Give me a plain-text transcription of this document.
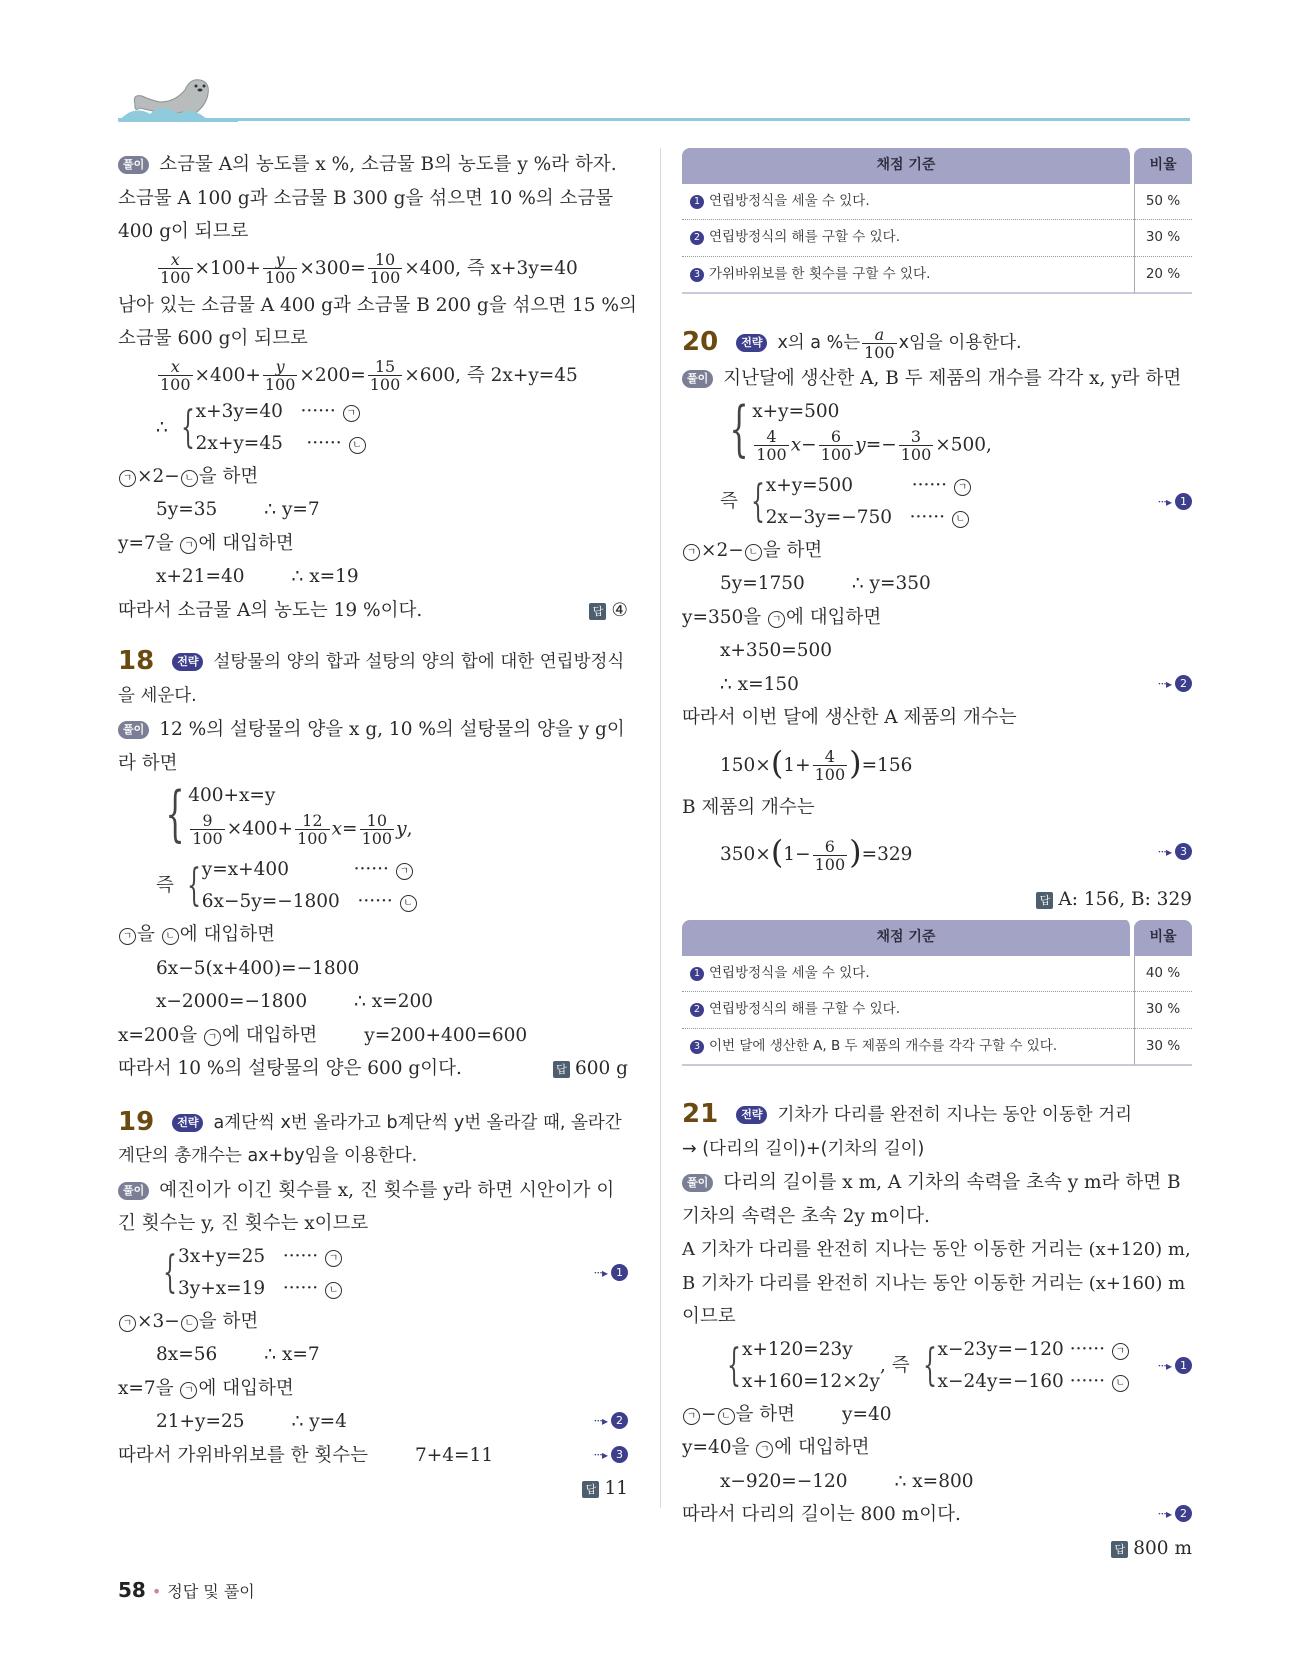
풀이 소금물 A의 농도를 x %, 소금물 B의 농도를 y %라 하자.
소금물 A 100 g과 소금물 B 300 g을 섞으면 10 %의 소금물
400 g이 되므로
$\frac{x}{100} \times 100+ \frac{y}{100} \times 300= \frac{10}{100} \times 400$, 즉 x+3y=40
남아 있는 소금물 A 400 g과 소금물 B 200 g을 섞으면 15 %의
소금물 600 g이 되므로
$\frac{x}{100} \times 400+ \frac{y}{100} \times 200= \frac{15}{100} \times 600$, 즉 2x+y=45
∴ { x+3y=40 ······ ㄱ
2x+y=45 ······ ㄴ
ㄱ ×2− ㄴ 을 하면
5y=35        ∴ y=7
y=7을 ㄱ 에 대입하면
x+21=40        ∴ x=19
따라서 소금물 A의 농도는 19 %이다.	답 ④
18 전략 설탕물의 양의 합과 설탕의 양의 합에 대한 연립방정식
을 세운다.
풀이 12 %의 설탕물의 양을 x g, 10 %의 설탕물의 양을 y g이
라 하면
{ 400+x=y
$\frac{9}{100} \times 400+ \frac{12}{100} x= \frac{10}{100} y$,
즉 { y=x+400	······ ㄱ
6x−5y=−1800 ······ ㄴ
ㄱ 을 ㄴ 에 대입하면
6x−5(x+400)=−1800
x−2000=−1800        ∴ x=200
x=200을 ㄱ 에 대입하면        y=200+400=600
따라서 10 %의 설탕물의 양은 600 g이다.	답 600 g
19 전략 a계단씩 x번 올라가고 b계단씩 y번 올라갈 때, 올라간
계단의 총개수는 ax+by임을 이용한다.
풀이 예진이가 이긴 횟수를 x, 진 횟수를 y라 하면 시안이가 이
긴 횟수는 y, 진 횟수는 x이므로
{ 3x+y=25 ······ ㄱ
3y+x=19 ······ ㄴ
···▸ 1
ㄱ ×3− ㄴ 을 하면
8x=56        ∴ x=7
x=7을 ㄱ 에 대입하면
21+y=25        ∴ y=4	···▸ 2
따라서 가위바위보를 한 횟수는        7+4=11	···▸ 3
답 11
채점 기준	비율
1 연립방정식을 세울 수 있다.	50 %
2 연립방정식의 해를 구할 수 있다.	30 %
3 가위바위보를 한 횟수를 구할 수 있다.	20 %
20 전략 x의 a %는 $\frac{a}{100}$ x임을 이용한다.
풀이 지난달에 생산한 A, B 두 제품의 개수를 각각 x, y라 하면
{ x+y=500
$\frac{4}{100} x- \frac{6}{100} y=- \frac{3}{100} \times 500$,
즉 { x+y=500	······ ㄱ
2x−3y=−750 ······ ㄴ
···▸ 1
ㄱ ×2− ㄴ 을 하면
5y=1750        ∴ y=350
y=350을 ㄱ 에 대입하면
x+350=500
∴ x=150	···▸ 2
따라서 이번 달에 생산한 A 제품의 개수는
$150\times(1+ \frac{4}{100} )=156$
B 제품의 개수는
$350\times(1- \frac{6}{100} )=329$	···▸ 3
답 A: 156, B: 329
채점 기준	비율
1 연립방정식을 세울 수 있다.	40 %
2 연립방정식의 해를 구할 수 있다.	30 %
3 이번 달에 생산한 A, B 두 제품의 개수를 각각 구할 수 있다.	30 %
21 전략 기차가 다리를 완전히 지나는 동안 이동한 거리
→ (다리의 길이)+(기차의 길이)
풀이 다리의 길이를 x m, A 기차의 속력을 초속 y m라 하면 B
기차의 속력은 초속 2y m이다.
A 기차가 다리를 완전히 지나는 동안 이동한 거리는 (x+120) m,
B 기차가 다리를 완전히 지나는 동안 이동한 거리는 (x+160) m
이므로
{ x+120=23y
x+160=12×2y
, 즉 { x−23y=−120 ······ ㄱ
x−24y=−160 ······ ㄴ
···▸ 1
ㄱ − ㄴ 을 하면        y=40
y=40을 ㄱ 에 대입하면
x−920=−120        ∴ x=800
따라서 다리의 길이는 800 m이다.	···▸ 2
답 800 m
58 • 정답 및 풀이
